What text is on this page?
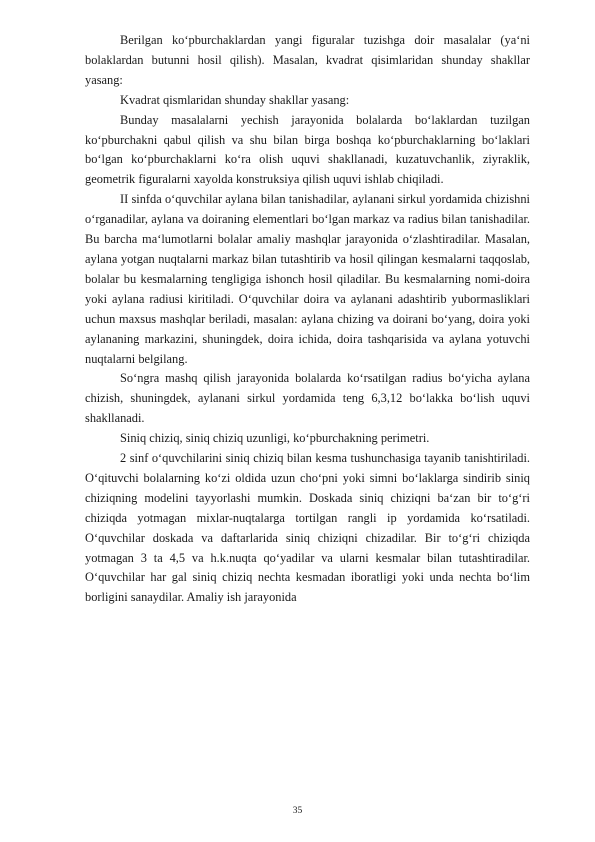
Berilgan ko‘pburchaklardan yangi figuralar tuzishga doir masalalar (ya‘ni bolaklardan butunni hosil qilish). Masalan, kvadrat qisimlaridan shunday shakllar yasang:

Kvadrat qismlaridan shunday shakllar yasang:

Bunday masalalarni yechish jarayonida bolalarda bo‘laklardan tuzilgan ko‘pburchakni qabul qilish va shu bilan birga boshqa ko‘pburchaklarning bo‘laklari bo‘lgan ko‘pburchaklarni ko‘ra olish uquvi shakllanadi, kuzatuvchanlik, ziyraklik, geometrik figuralarni xayolda konstruksiya qilish uquvi ishlab chiqiladi.

II sinfda o‘quvchilar aylana bilan tanishadilar, aylanani sirkul yordamida chizishni o‘rganadilar, aylana va doiraning elementlari bo‘lgan markaz va radius bilan tanishadilar. Bu barcha ma‘lumotlarni bolalar amaliy mashqlar jarayonida o‘zlashtiradilar. Masalan, aylana yotgan nuqtalarni markaz bilan tutashtirib va hosil qilingan kesmalarni taqqoslab, bolalar bu kesmalarning tengligiga ishonch hosil qiladilar. Bu kesmalarning nomi-doira yoki aylana radiusi kiritiladi. O‘quvchilar doira va aylanani adashtirib yubormasliklari uchun maxsus mashqlar beriladi, masalan: aylana chizing va doirani bo‘yang, doira yoki aylananing markazini, shuningdek, doira ichida, doira tashqarisida va aylana yotuvchi nuqtalarni belgilang.

So‘ngra mashq qilish jarayonida bolalarda ko‘rsatilgan radius bo‘yicha aylana chizish, shuningdek, aylanani sirkul yordamida teng 6,3,12 bo‘lakka bo‘lish uquvi shakllanadi.

Siniq chiziq, siniq chiziq uzunligi, ko‘pburchakning perimetri.

2 sinf o‘quvchilarini siniq chiziq bilan kesma tushunchasiga tayanib tanishtiriladi. O‘qituvchi bolalarning ko‘zi oldida uzun cho‘pni yoki simni bo‘laklarga sindirib siniq chiziqning modelini tayyorlashi mumkin. Doskada siniq chiziqni ba‘zan bir to‘g‘ri chiziqda yotmagan mixlar-nuqtalarga tortilgan rangli ip yordamida ko‘rsatiladi. O‘quvchilar doskada va daftarlarida siniq chiziqni chizadilar. Bir to‘g‘ri chiziqda yotmagan 3 ta 4,5 va h.k.nuqta qo‘yadilar va ularni kesmalar bilan tutashtiradilar. O‘quvchilar har gal siniq chiziq nechta kesmadan iboratligi yoki unda nechta bo‘lim borligini sanaydilar. Amaliy ish jarayonida

35
